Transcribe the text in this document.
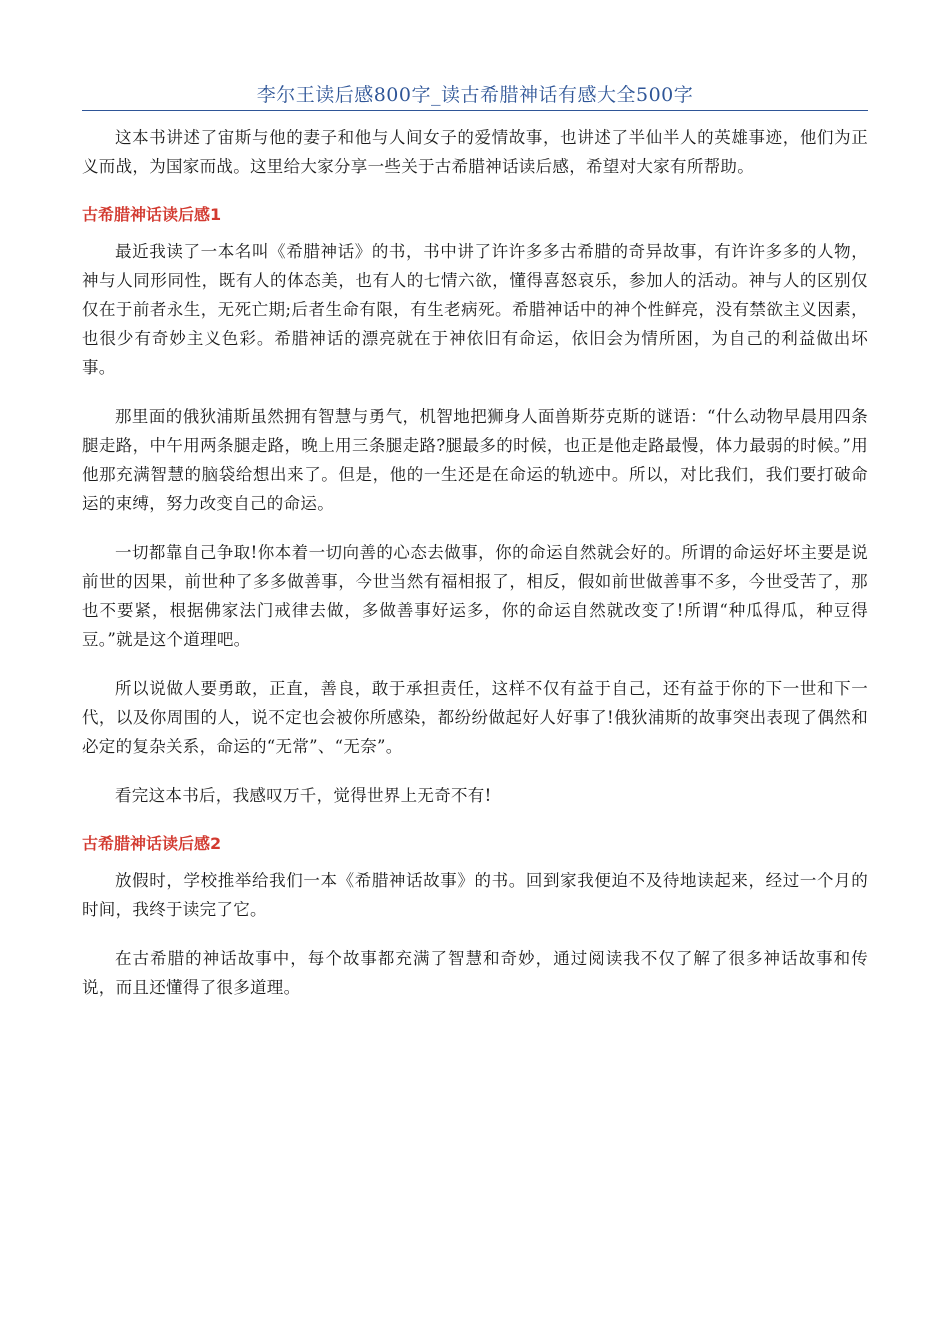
李尔王读后感800字_读古希腊神话有感大全500字

这本书讲述了宙斯与他的妻子和他与人间女子的爱情故事，也讲述了半仙半人的英雄事迹，他们为正义而战，为国家而战。这里给大家分享一些关于古希腊神话读后感，希望对大家有所帮助。

古希腊神话读后感1

最近我读了一本名叫《希腊神话》的书，书中讲了许许多多古希腊的奇异故事，有许许多多的人物，神与人同形同性，既有人的体态美，也有人的七情六欲，懂得喜怒哀乐，参加人的活动。神与人的区别仅仅在于前者永生，无死亡期;后者生命有限，有生老病死。希腊神话中的神个性鲜亮，没有禁欲主义因素，也很少有奇妙主义色彩。希腊神话的漂亮就在于神依旧有命运，依旧会为情所困，为自己的利益做出坏事。

那里面的俄狄浦斯虽然拥有智慧与勇气，机智地把狮身人面兽斯芬克斯的谜语：“什么动物早晨用四条腿走路，中午用两条腿走路，晚上用三条腿走路?腿最多的时候，也正是他走路最慢，体力最弱的时候。”用他那充满智慧的脑袋给想出来了。但是，他的一生还是在命运的轨迹中。所以，对比我们，我们要打破命运的束缚，努力改变自己的命运。

一切都靠自己争取!你本着一切向善的心态去做事，你的命运自然就会好的。所谓的命运好坏主要是说前世的因果，前世种了多多做善事，今世当然有福相报了，相反，假如前世做善事不多，今世受苦了，那也不要紧，根据佛家法门戒律去做，多做善事好运多，你的命运自然就改变了!所谓“种瓜得瓜，种豆得豆。”就是这个道理吧。

所以说做人要勇敢，正直，善良，敢于承担责任，这样不仅有益于自己，还有益于你的下一世和下一代，以及你周围的人，说不定也会被你所感染，都纷纷做起好人好事了!俄狄浦斯的故事突出表现了偶然和必定的复杂关系，命运的“无常”、“无奈”。

看完这本书后，我感叹万千，觉得世界上无奇不有!

古希腊神话读后感2

放假时，学校推举给我们一本《希腊神话故事》的书。回到家我便迫不及待地读起来，经过一个月的时间，我终于读完了它。

在古希腊的神话故事中，每个故事都充满了智慧和奇妙，通过阅读我不仅了解了很多神话故事和传说，而且还懂得了很多道理。
